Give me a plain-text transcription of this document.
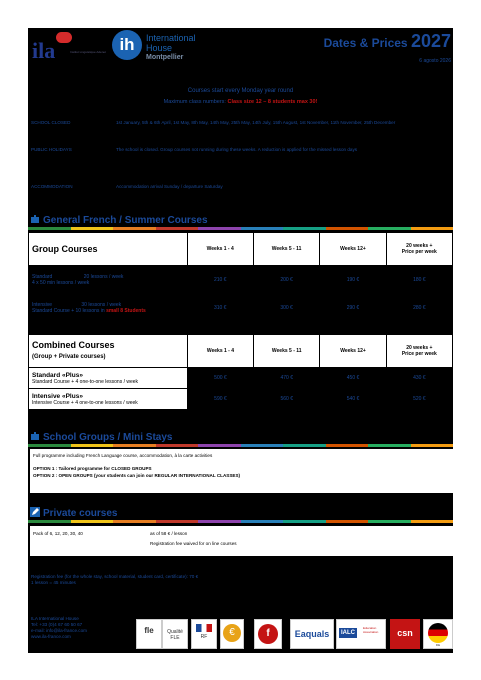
ila	Institut Linguistique Adenet ih	International
House
Montpellier
Dates & Prices 2027
6 agosto 2026
Courses start every Monday year round
Maximum class numbers: Class size 12 – 8 students max 30!
SCHOOL CLOSED	1st January, 5th & 6th April, 1st May, 8th May, 14th May, 25th May, 14th July, 15th August, 1st November, 11th November, 25th December
PUBLIC HOLIDAYS	The school is closed. Group courses not running during these weeks. A reduction is applied for the missed lesson days
ACCOMMODATION	Accommodation arrival Sunday / departure Saturday
General French / Summer Courses
Group Courses	Weeks 1 - 4	Weeks 5 - 11	Weeks 12+	20 weeks +
Price per week
Standard 20 lessons / week
4 x 50 min lessons / week	210 €	200 €	190 €	180 €
Intensive 30 lessons / week
Standard Course + 10 lessons in small 8 Students	310 €	300 €	290 €	280 €
Combined Courses
(Group + Private courses)	Weeks 1 - 4	Weeks 5 - 11	Weeks 12+	20 weeks +
Price per week
Standard «Plus»
Standard Course + 4 one-to-one lessons / week	500 €	470 €	450 €	430 €
Intensive «Plus»
Intensive Course + 4 one-to-one lessons / week	590 €	560 €	540 €	520 €
School Groups / Mini Stays
Full programme including French Language course, accommodation, à la carte activities
OPTION 1 : Tailored programme for CLOSED GROUPS
OPTION 2 : OPEN GROUPS (your students can join our REGULAR INTERNATIONAL CLASSES)
Private courses
Pack of 6, 12, 20, 30, 40	as of 58 € / lesson
Registration fee waived for on line courses
Registration fee (for the whole stay, school material, student card, certificate): 70 €
1 lesson = 45 minutes
ILA International House
Tel: +33 (0)4 67 60 50 67
e-mail: info@ila-france.com
www.ila-france.com
fle	Qualité FLE	RF	€	f	Eaquals	IALC
Education Association	csn
DE
